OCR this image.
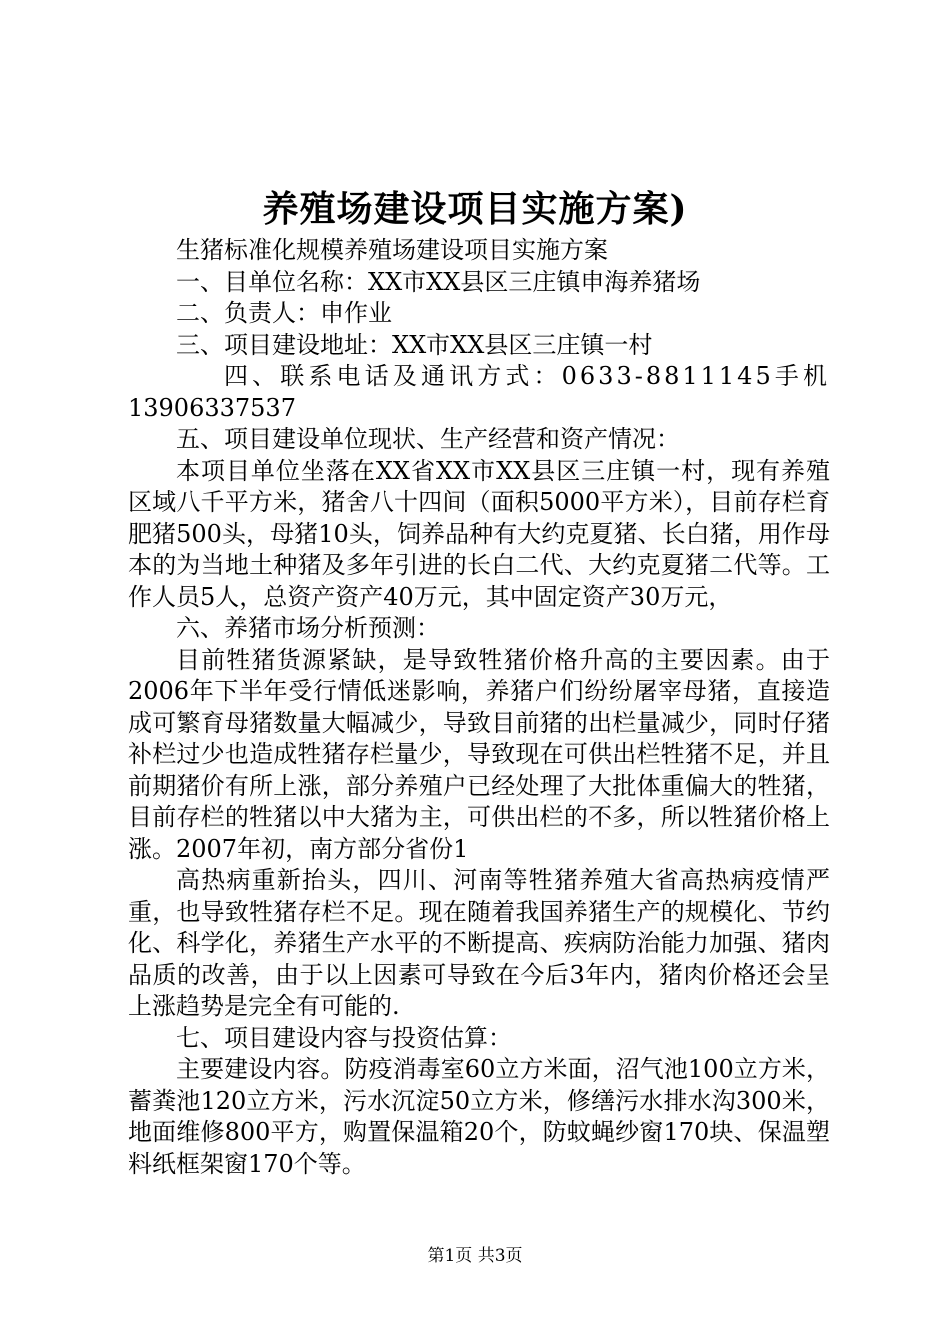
养殖场建设项目实施方案)

生猪标准化规模养殖场建设项目实施方案

一、目单位名称：XX市XX县区三庄镇申海养猪场

二、负责人：申作业

三、项目建设地址：XX市XX县区三庄镇一村

四、联系电话及通讯方式：0633-8811145手机

13906337537

五、项目建设单位现状、生产经营和资产情况：

本项目单位坐落在XX省XX市XX县区三庄镇一村，现有养殖区域八千平方米，猪舍八十四间（面积5000平方米），目前存栏育肥猪500头，母猪10头，饲养品种有大约克夏猪、长白猪，用作母本的为当地土种猪及多年引进的长白二代、大约克夏猪二代等。工作人员5人，总资产资产40万元，其中固定资产30万元，

六、养猪市场分析预测：

目前牲猪货源紧缺，是导致牲猪价格升高的主要因素。由于2006年下半年受行情低迷影响，养猪户们纷纷屠宰母猪，直接造成可繁育母猪数量大幅减少，导致目前猪的出栏量减少，同时仔猪补栏过少也造成牲猪存栏量少，导致现在可供出栏牲猪不足，并且前期猪价有所上涨，部分养殖户已经处理了大批体重偏大的牲猪，目前存栏的牲猪以中大猪为主，可供出栏的不多，所以牲猪价格上涨。2007年初，南方部分省份1

高热病重新抬头，四川、河南等牲猪养殖大省高热病疫情严重，也导致牲猪存栏不足。现在随着我国养猪生产的规模化、节约化、科学化，养猪生产水平的不断提高、疾病防治能力加强、猪肉品质的改善，由于以上因素可导致在今后3年内，猪肉价格还会呈上涨趋势是完全有可能的.

七、项目建设内容与投资估算：

主要建设内容。防疫消毒室60立方米面，沼气池100立方米，蓄粪池120立方米，污水沉淀50立方米，修缮污水排水沟300米，地面维修800平方，购置保温箱20个，防蚊蝇纱窗170块、保温塑料纸框架窗170个等。

第1页 共3页
